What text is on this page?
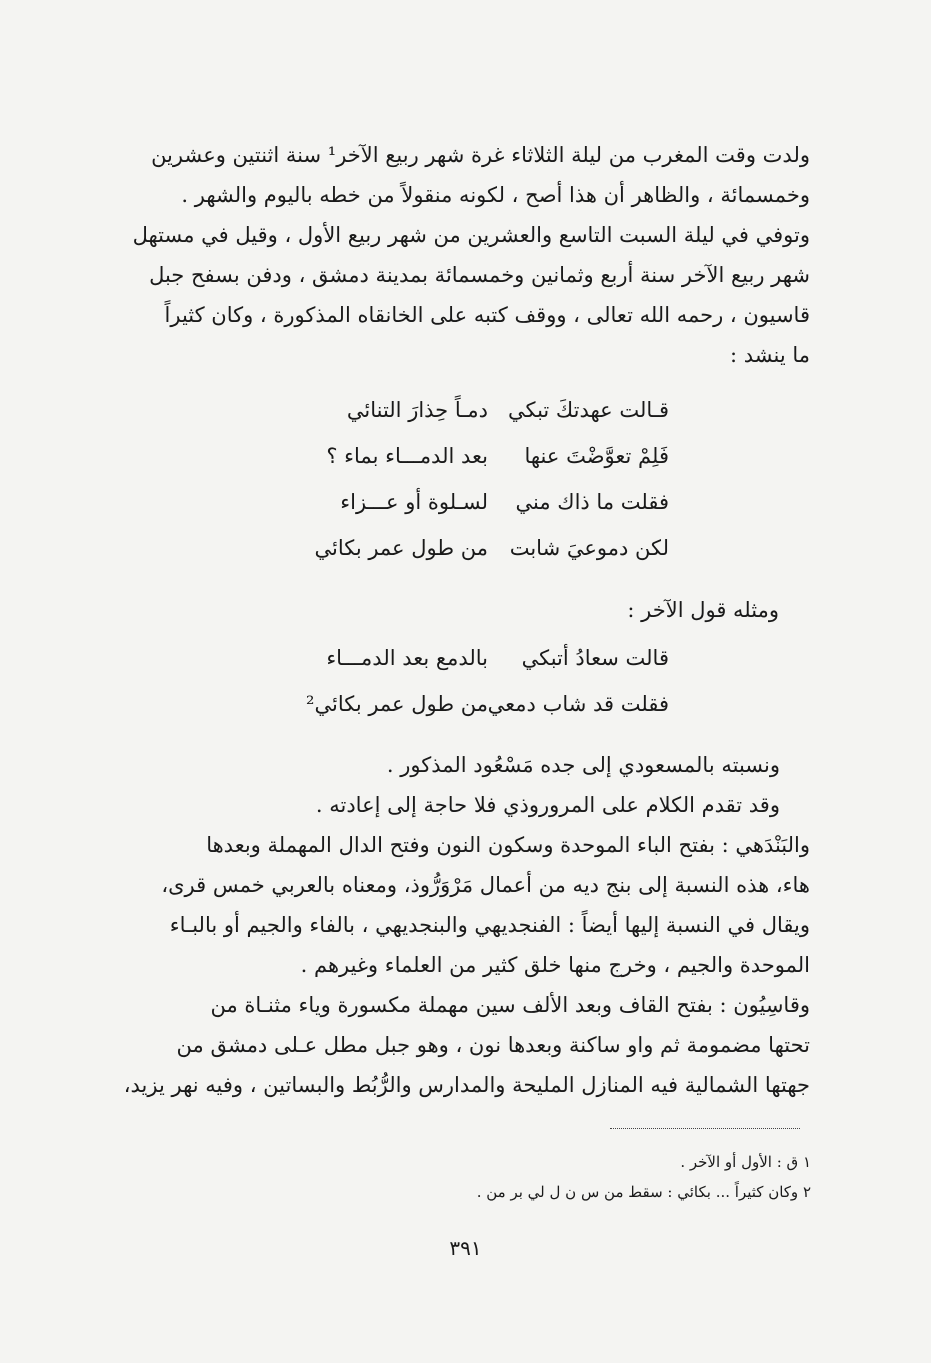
ولدت وقت المغرب من ليلة الثلاثاء غرة شهر ربيع الآخر¹ سنة اثنتين وعشرين
وخمسمائة ، والظاهر أن هذا أصح ، لكونه منقولاً من خطه باليوم والشهر .
وتوفي في ليلة السبت التاسع والعشرين من شهر ربيع الأول ، وقيل في مستهل
شهر ربيع الآخر سنة أربع وثمانين وخمسمائة بمدينة دمشق ، ودفن بسفح جبل
قاسيون ، رحمه الله تعالى ، ووقف كتبه على الخانقاه المذكورة ، وكان كثيراً
ما ينشد :
قـالت عهدتكَ تبكي
دمـاً حِذارَ التنائي
فَلِمْ تعوَّضْتَ عنها
بعد الدمـــاء بماء ؟
فقلت ما ذاك مني
لسـلوة أو عـــزاء
لكن دموعيَ شابت
من طول عمر بكائي
ومثله قول الآخر :
قالت سعادُ أتبكي
بالدمع بعد الدمـــاء
فقلت قد شاب دمعي
من طول عمر بكائي²
ونسبته بالمسعودي إلى جده مَسْعُود المذكور .
وقد تقدم الكلام على المروروذي فلا حاجة إلى إعادته .
والبَنْدَهي : بفتح الباء الموحدة وسكون النون وفتح الدال المهملة وبعدها
هاء، هذه النسبة إلى بنج ديه من أعمال مَرْوَرُّوذ، ومعناه بالعربي خمس قرى،
ويقال في النسبة إليها أيضاً : الفنجديهي والبنجديهي ، بالفاء والجيم أو بالبـاء
الموحدة والجيم ، وخرج منها خلق كثير من العلماء وغيرهم .
وقاسِيُون : بفتح القاف وبعد الألف سين مهملة مكسورة وياء مثنـاة من
تحتها مضمومة ثم واو ساكنة وبعدها نون ، وهو جبل مطل عـلى دمشق من
جهتها الشمالية فيه المنازل المليحة والمدارس والرُّبُط والبساتين ، وفيه نهر يزيد،
١ ق : الأول أو الآخر .
٢ وكان كثيراً ... بكائي : سقط من س ن ل لي بر من .
٣٩١
